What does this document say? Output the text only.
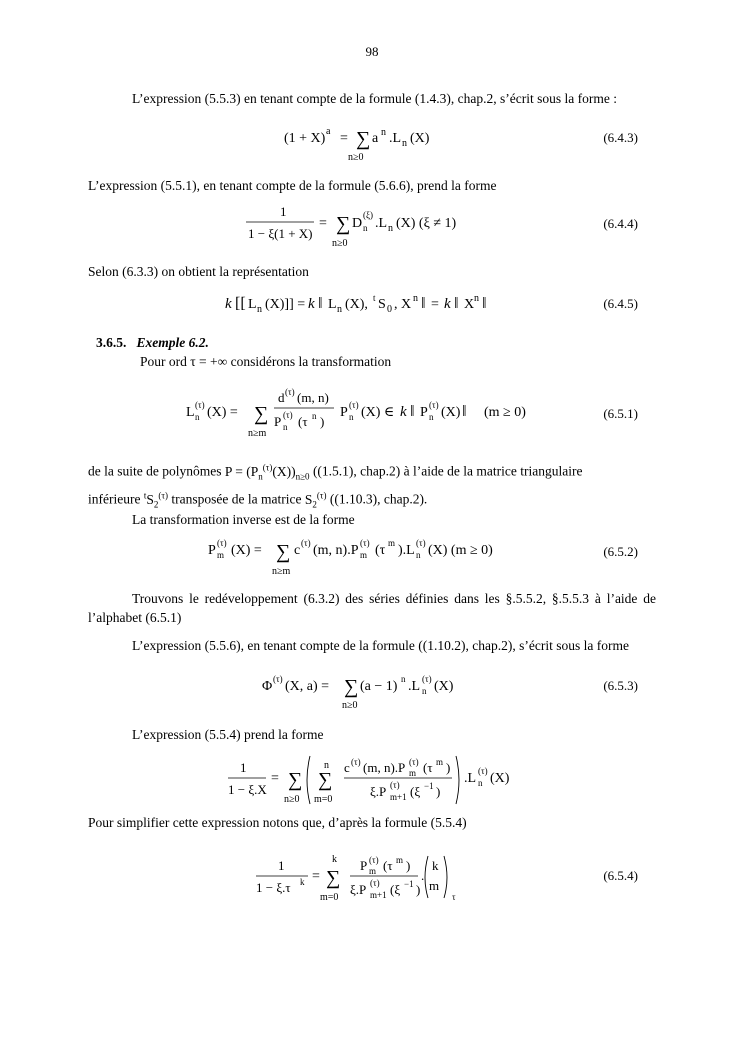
98
L’expression (5.5.3) en tenant compte de la formule (1.4.3), chap.2, s’écrit sous la forme :
(1 + X) a = ∑ a n .L n (X)
n≥0
(6.4.3)
L’expression (5.5.1), en tenant compte de la formule (5.6.6), prend la forme
1
1 − ξ(1 + X)
= ∑ D
(ξ)
n .L n (X) (ξ ≠ 1)
n≥0
(6.4.4)
Selon (6.3.3) on obtient la représentation
k [[ L n (X)]] = k ‖ L n (X), t S 0 , X n ‖ = k ‖ X n ‖	(6.4.5)
3.6.5. Exemple 6.2.
Pour ord τ = +∞ considérons la transformation
L (τ)
n (X) = ∑
n≥m
d (τ) (m, n)
P (τ)
n (τ n )
P (τ)
n (X) ∈ k ‖ P (τ)
n (X) ‖ (m ≥ 0)	(6.5.1)
de la suite de polynômes $P = (P_n^{(\tau)}(X))_{n\ge 0}$ ((1.5.1), chap.2) à l’aide de la matrice triangulaire
inférieure $^tS_2^{(\tau)}$ transposée de la matrice $S_2^{(\tau)}$ ((1.10.3), chap.2).
La transformation inverse est de la forme
P (τ)
m (X) = ∑
n≥m
c (τ) (m, n).P (τ)
m (τ m ).L (τ)
n (X) (m ≥ 0)	(6.5.2)
Trouvons le redéveloppement (6.3.2) des séries définies dans les §.5.5.2, §.5.5.3 à l’aide de l’alphabet (6.5.1)
L’expression (5.5.6), en tenant compte de la formule ((1.10.2), chap.2), s’écrit sous la forme
Φ (τ) (X, a) = ∑
n≥0
(a − 1) n .L (τ)
n (X)	(6.5.3)
L’expression (5.5.4) prend la forme
1
1 − ξ.X
= ∑
n≥0
n
∑
m=0
c (τ) (m, n).P (τ)
m (τ m )
ξ.P (τ)
m+1 (ξ −1 )
.L (τ)
n (X)
Pour simplifier cette expression notons que, d’après la formule (5.5.4)
1
1 − ξ.τ k =
k
∑
m=0
P (τ)
m (τ m )
ξ.P (τ)
m+1 (ξ −1 )
.
k
m
τ
(6.5.4)
